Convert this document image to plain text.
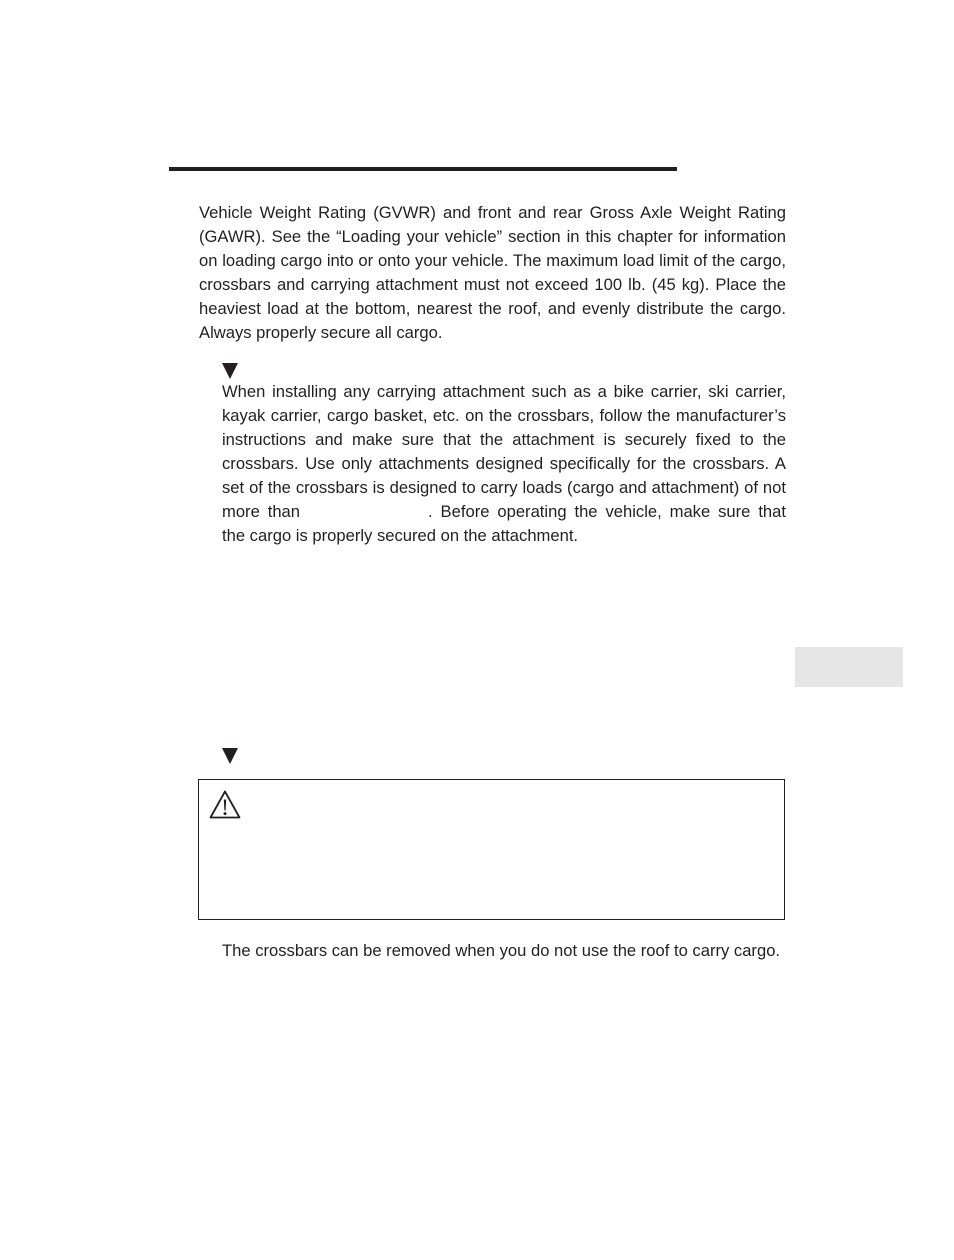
Vehicle Weight Rating (GVWR) and front and rear Gross Axle Weight Rating (GAWR). See the “Loading your vehicle” section in this chapter for information on loading cargo into or onto your vehicle. The maximum load limit of the cargo, crossbars and carrying attachment must not exceed 100 lb. (45 kg). Place the heaviest load at the bottom, nearest the roof, and evenly distribute the cargo. Always properly secure all cargo.

When installing any carrying attachment such as a bike carrier, ski carrier, kayak carrier, cargo basket, etc. on the crossbars, follow the manufacturer’s instructions and make sure that the attachment is securely fixed to the crossbars. Use only attachments designed specifically for the crossbars. A set of the crossbars is designed to carry loads (cargo and attachment) of not more than	. Before operating the vehicle, make sure that the cargo is properly secured on the attachment.

The crossbars can be removed when you do not use the roof to carry cargo.
